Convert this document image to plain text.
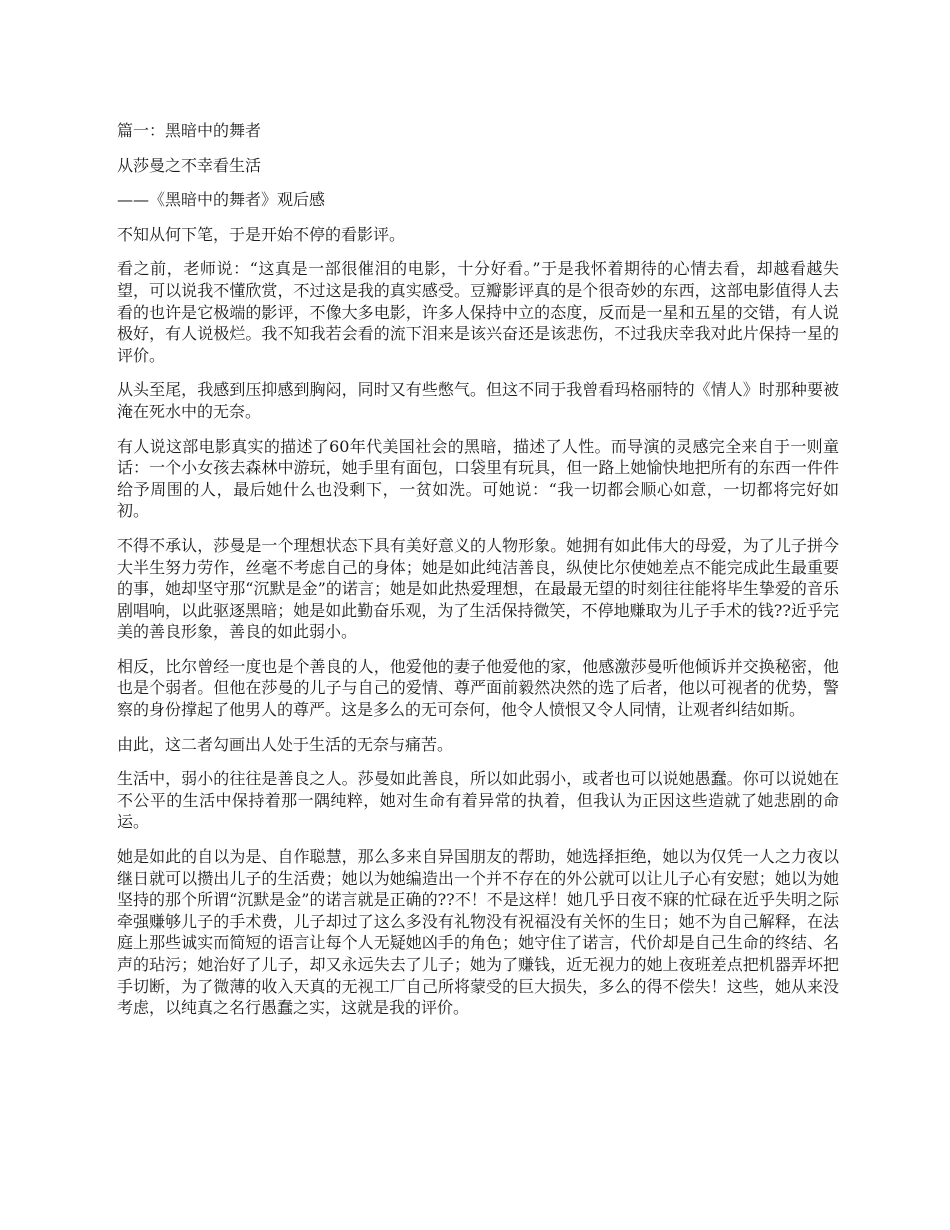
篇一：黑暗中的舞者

从莎曼之不幸看生活

——《黑暗中的舞者》观后感

不知从何下笔，于是开始不停的看影评。

看之前，老师说：“这真是一部很催泪的电影，十分好看。”于是我怀着期待的心情去看，却越看越失望，可以说我不懂欣赏，不过这是我的真实感受。豆瓣影评真的是个很奇妙的东西，这部电影值得人去看的也许是它极端的影评，不像大多电影，许多人保持中立的态度，反而是一星和五星的交错，有人说极好，有人说极烂。我不知我若会看的流下泪来是该兴奋还是该悲伤，不过我庆幸我对此片保持一星的评价。

从头至尾，我感到压抑感到胸闷，同时又有些憋气。但这不同于我曾看玛格丽特的《情人》时那种要被淹在死水中的无奈。

有人说这部电影真实的描述了60年代美国社会的黑暗，描述了人性。而导演的灵感完全来自于一则童话：一个小女孩去森林中游玩，她手里有面包，口袋里有玩具，但一路上她愉快地把所有的东西一件件给予周围的人，最后她什么也没剩下，一贫如洗。可她说：“我一切都会顺心如意，一切都将完好如初。

不得不承认，莎曼是一个理想状态下具有美好意义的人物形象。她拥有如此伟大的母爱，为了儿子拼今大半生努力劳作，丝毫不考虑自己的身体；她是如此纯洁善良，纵使比尔使她差点不能完成此生最重要的事，她却坚守那“沉默是金”的诺言；她是如此热爱理想，在最最无望的时刻往往能将毕生挚爱的音乐剧唱响，以此驱逐黑暗；她是如此勤奋乐观，为了生活保持微笑，不停地赚取为儿子手术的钱??近乎完美的善良形象，善良的如此弱小。

相反，比尔曾经一度也是个善良的人，他爱他的妻子他爱他的家，他感激莎曼听他倾诉并交换秘密，他也是个弱者。但他在莎曼的儿子与自己的爱情、尊严面前毅然决然的选了后者，他以可视者的优势，警察的身份撑起了他男人的尊严。这是多么的无可奈何，他令人愤恨又令人同情，让观者纠结如斯。

由此，这二者勾画出人处于生活的无奈与痛苦。

生活中，弱小的往往是善良之人。莎曼如此善良，所以如此弱小，或者也可以说她愚蠢。你可以说她在不公平的生活中保持着那一隅纯粹，她对生命有着异常的执着，但我认为正因这些造就了她悲剧的命运。

她是如此的自以为是、自作聪慧，那么多来自异国朋友的帮助，她选择拒绝，她以为仅凭一人之力夜以继日就可以攒出儿子的生活费；她以为她编造出一个并不存在的外公就可以让儿子心有安慰；她以为她坚持的那个所谓“沉默是金”的诺言就是正确的??不！不是这样！她几乎日夜不寐的忙碌在近乎失明之际牵强赚够儿子的手术费，儿子却过了这么多没有礼物没有祝福没有关怀的生日；她不为自己解释，在法庭上那些诚实而简短的语言让每个人无疑她凶手的角色；她守住了诺言，代价却是自己生命的终结、名声的玷污；她治好了儿子，却又永远失去了儿子；她为了赚钱，近无视力的她上夜班差点把机器弄坏把手切断，为了微薄的收入天真的无视工厂自己所将蒙受的巨大损失，多么的得不偿失！这些，她从来没考虑，以纯真之名行愚蠢之实，这就是我的评价。
